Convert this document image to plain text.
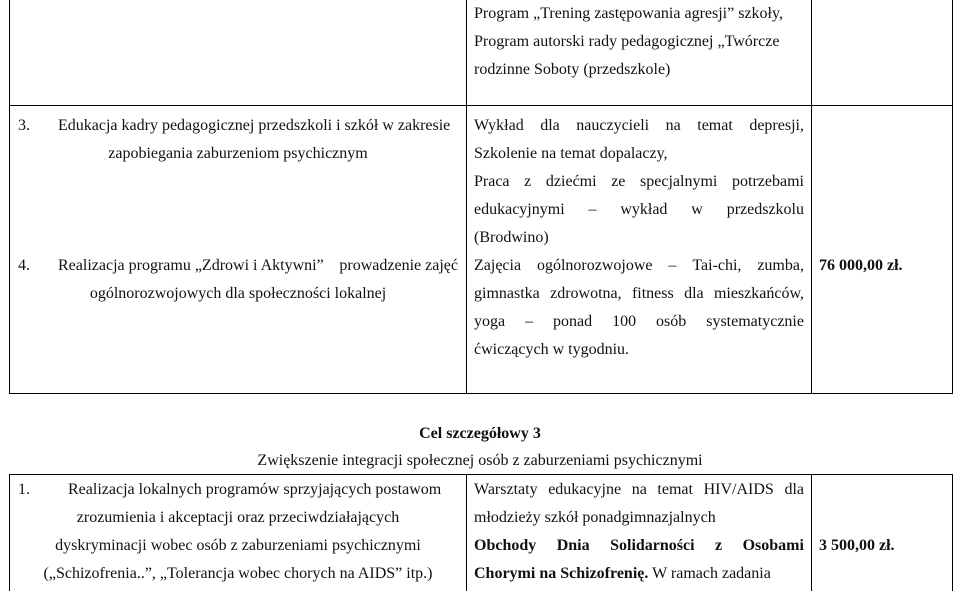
Program „Trening zastępowania agresji” szkoły,
Program autorski rady pedagogicznej „Twórcze
rodzinne Soboty (przedszkole)
3. Edukacja kadry pedagogicznej przedszkoli i szkół w zakresie
zapobiegania zaburzeniom psychicznym
Wykład dla nauczycieli na temat depresji,
Szkolenie na temat dopalaczy,
Praca z dziećmi ze specjalnymi potrzebami
edukacyjnymi – wykład w przedszkolu
(Brodwino)
4. Realizacja programu „Zdrowi i Aktywni” prowadzenie zajęć
ogólnorozwojowych dla społeczności lokalnej
Zajęcia ogólnorozwojowe – Tai-chi, zumba,
gimnastka zdrowotna, fitness dla mieszkańców,
yoga – ponad 100 osób systematycznie
ćwiczących w tygodniu.
76 000,00 zł.
Cel szczegółowy 3
Zwiększenie integracji społecznej osób z zaburzeniami psychicznymi
1. Realizacja lokalnych programów sprzyjających postawom
zrozumienia i akceptacji oraz przeciwdziałających
dyskryminacji wobec osób z zaburzeniami psychicznymi
(„Schizofrenia..”, „Tolerancja wobec chorych na AIDS” itp.)
Warsztaty edukacyjne na temat HIV/AIDS dla
młodzieży szkół ponadgimnazjalnych
Obchody Dnia Solidarności z Osobami
Chorymi na Schizofrenię. W ramach zadania
3 500,00 zł.
